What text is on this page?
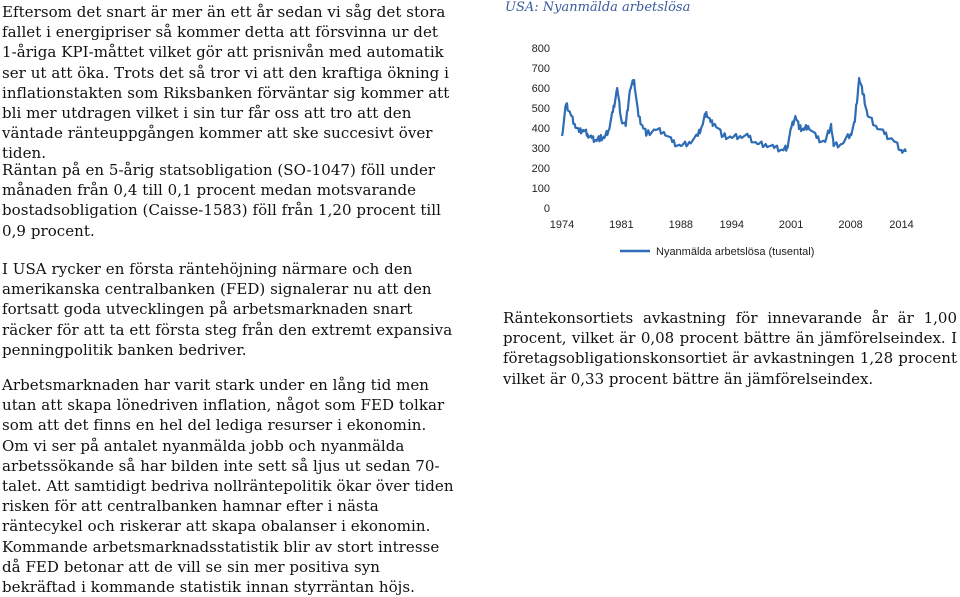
Eftersom det snart är mer än ett år sedan vi såg det stora fallet i energipriser så kommer detta att försvinna ur det 1-åriga KPI-måttet vilket gör att prisnivån med automatik ser ut att öka. Trots det så tror vi att den kraftiga ökning i inflationstakten som Riksbanken förväntar sig kommer att bli mer utdragen vilket i sin tur får oss att tro att den väntade ränteuppgången kommer att ske succesivt över tiden.

Räntan på en 5-årig statsobligation (SO-1047) föll under månaden från 0,4 till 0,1 procent medan motsvarande bostadsobligation (Caisse-1583) föll från 1,20 procent till 0,9 procent.

I USA rycker en första räntehöjning närmare och den amerikanska centralbanken (FED) signalerar nu att den fortsatt goda utvecklingen på arbetsmarknaden snart räcker för att ta ett första steg från den extremt expansiva penningpolitik banken bedriver.

Arbetsmarknaden har varit stark under en lång tid men utan att skapa lönedriven inflation, något som FED tolkar som att det finns en hel del lediga resurser i ekonomin. Om vi ser på antalet nyanmälda jobb och nyanmälda arbetssökande så har bilden inte sett så ljus ut sedan 70-talet. Att samtidigt bedriva nollräntepolitik ökar över tiden risken för att centralbanken hamnar efter i nästa räntecykel och riskerar att skapa obalanser i ekonomin. Kommande arbetsmarknadsstatistik blir av stort intresse då FED betonar att de vill se sin mer positiva syn bekräftad i kommande statistik innan styrräntan höjs.

USA: Nyanmälda arbetslösa
0
100
200
300
400
500
600
700
800
1974	1981	1988 1994	2001	2008 2014
Nyanmälda arbetslösa (tusental)

Räntekonsortiets avkastning för innevarande år är 1,00 procent, vilket är 0,08 procent bättre än jämförelseindex. I företagsobligationskonsortiet är avkastningen 1,28 procent vilket är 0,33 procent bättre än jämförelseindex.
